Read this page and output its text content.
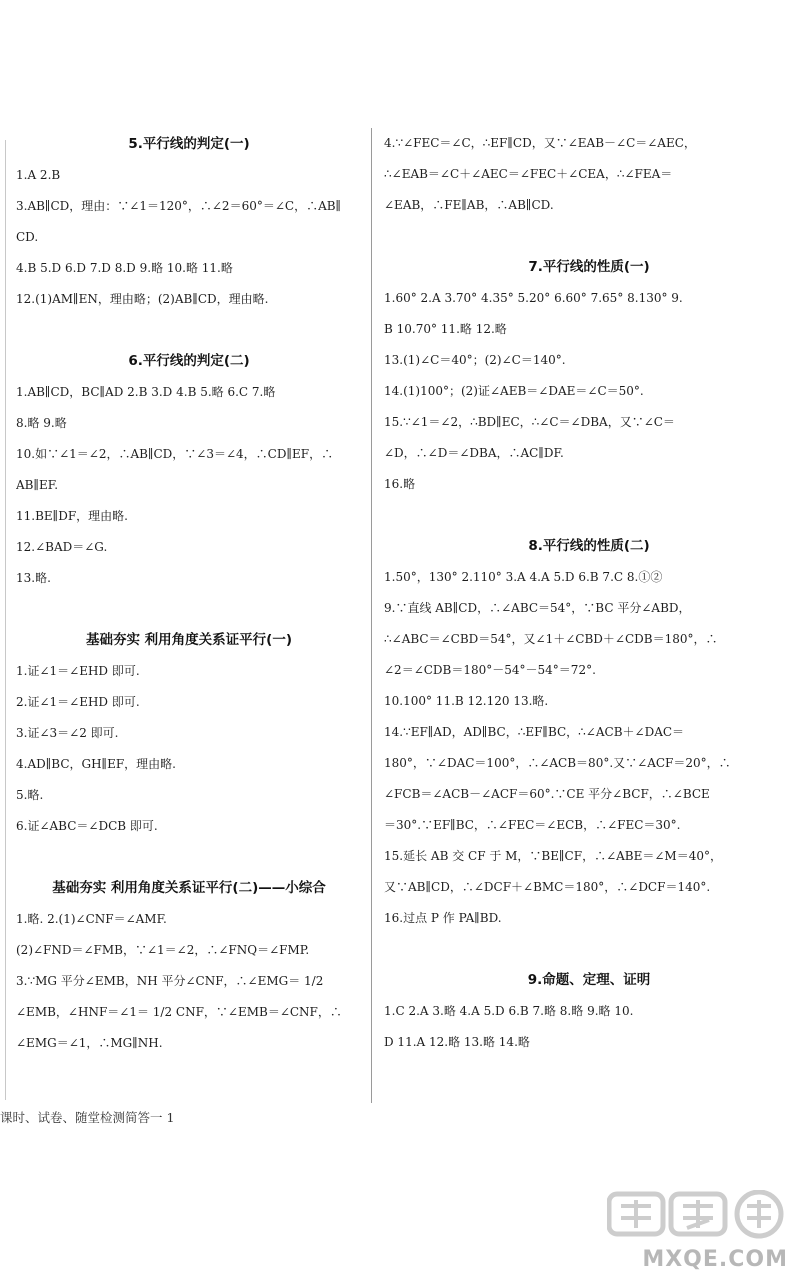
5.平行线的判定(一)
1.A 2.B
3.AB∥CD，理由：∵∠1＝120°，∴∠2＝60°＝∠C，∴AB∥
CD.
4.B 5.D 6.D 7.D 8.D 9.略 10.略 11.略
12.(1)AM∥EN，理由略；(2)AB∥CD，理由略.
6.平行线的判定(二)
1.AB∥CD，BC∥AD 2.B 3.D 4.B 5.略 6.C 7.略
8.略 9.略
10.如∵∠1＝∠2，∴AB∥CD，∵∠3＝∠4，∴CD∥EF，∴
AB∥EF.
11.BE∥DF，理由略.
12.∠BAD＝∠G.
13.略.
基础夯实 利用角度关系证平行(一)
1.证∠1＝∠EHD 即可.
2.证∠1＝∠EHD 即可.
3.证∠3＝∠2 即可.
4.AD∥BC，GH∥EF，理由略.
5.略.
6.证∠ABC＝∠DCB 即可.
基础夯实 利用角度关系证平行(二)——小综合
1.略. 2.(1)∠CNF＝∠AMF.
(2)∠FND＝∠FMB，∵∠1＝∠2，∴∠FNQ＝∠FMP.
3.∵MG 平分∠EMB，NH 平分∠CNF，∴∠EMG＝ 1/2
∠EMB，∠HNF＝∠1＝ 1/2 CNF，∵∠EMB＝∠CNF，∴
∠EMG＝∠1，∴MG∥NH.
4.∵∠FEC＝∠C，∴EF∥CD，又∵∠EAB－∠C＝∠AEC，
∴∠EAB＝∠C＋∠AEC＝∠FEC＋∠CEA，∴∠FEA＝
∠EAB，∴FE∥AB，∴AB∥CD.
7.平行线的性质(一)
1.60° 2.A 3.70° 4.35° 5.20° 6.60° 7.65° 8.130° 9.
B 10.70° 11.略 12.略
13.(1)∠C＝40°；(2)∠C＝140°.
14.(1)100°；(2)证∠AEB＝∠DAE＝∠C＝50°.
15.∵∠1＝∠2，∴BD∥EC，∴∠C＝∠DBA，又∵∠C＝
∠D，∴∠D＝∠DBA，∴AC∥DF.
16.略
8.平行线的性质(二)
1.50°，130° 2.110° 3.A 4.A 5.D 6.B 7.C 8.①②
9.∵直线 AB∥CD，∴∠ABC＝54°，∵BC 平分∠ABD，
∴∠ABC＝∠CBD＝54°，又∠1＋∠CBD＋∠CDB＝180°，∴
∠2＝∠CDB＝180°－54°－54°＝72°.
10.100° 11.B 12.120 13.略.
14.∵EF∥AD，AD∥BC，∴EF∥BC，∴∠ACB＋∠DAC＝
180°，∵∠DAC＝100°，∴∠ACB＝80°.又∵∠ACF＝20°，∴
∠FCB＝∠ACB－∠ACF＝60°.∵CE 平分∠BCF，∴∠BCE
＝30°.∵EF∥BC，∴∠FEC＝∠ECB，∴∠FEC＝30°.
15.延长 AB 交 CF 于 M，∵BE∥CF，∴∠ABE＝∠M＝40°，
又∵AB∥CD，∴∠DCF＋∠BMC＝180°，∴∠DCF＝140°.
16.过点 P 作 PA∥BD.
9.命题、定理、证明
1.C 2.A 3.略 4.A 5.D 6.B 7.略 8.略 9.略 10.
D 11.A 12.略 13.略 14.略
课时、试卷、随堂检测简答一 1
MXQE.COM
